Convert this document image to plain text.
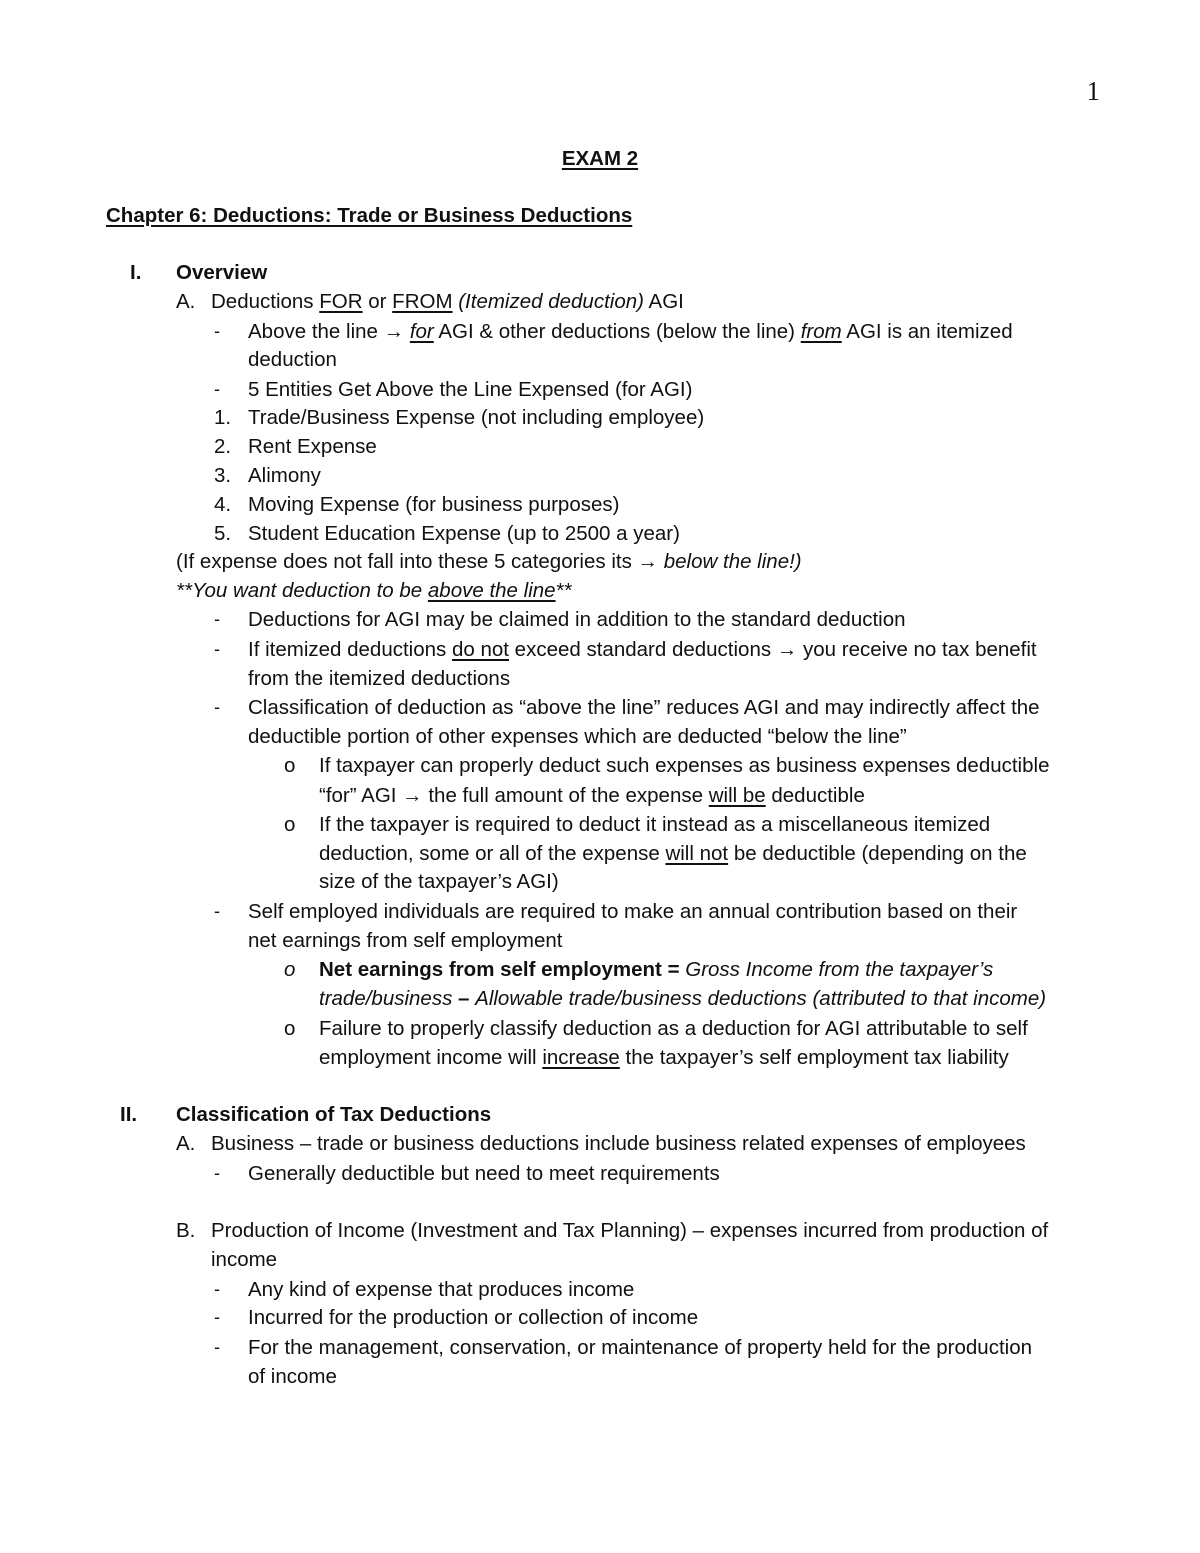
1
EXAM 2
Chapter 6: Deductions: Trade or Business Deductions
I. Overview
A. Deductions FOR or FROM (Itemized deduction) AGI
- Above the line → for AGI & other deductions (below the line) from AGI is an itemized
deduction
- 5 Entities Get Above the Line Expensed (for AGI)
1. Trade/Business Expense (not including employee)
2. Rent Expense
3. Alimony
4. Moving Expense (for business purposes)
5. Student Education Expense (up to 2500 a year)
(If expense does not fall into these 5 categories its → below the line!)
**You want deduction to be above the line**
- Deductions for AGI may be claimed in addition to the standard deduction
- If itemized deductions do not exceed standard deductions → you receive no tax benefit
from the itemized deductions
- Classification of deduction as “above the line” reduces AGI and may indirectly affect the
deductible portion of other expenses which are deducted “below the line”
o If taxpayer can properly deduct such expenses as business expenses deductible
“for” AGI → the full amount of the expense will be deductible
o If the taxpayer is required to deduct it instead as a miscellaneous itemized
deduction, some or all of the expense will not be deductible (depending on the
size of the taxpayer’s AGI)
- Self employed individuals are required to make an annual contribution based on their
net earnings from self employment
o Net earnings from self employment = Gross Income from the taxpayer’s
trade/business – Allowable trade/business deductions (attributed to that income)
o Failure to properly classify deduction as a deduction for AGI attributable to self
employment income will increase the taxpayer’s self employment tax liability
II. Classification of Tax Deductions
A. Business – trade or business deductions include business related expenses of employees
- Generally deductible but need to meet requirements
B. Production of Income (Investment and Tax Planning) – expenses incurred from production of
income
- Any kind of expense that produces income
- Incurred for the production or collection of income
- For the management, conservation, or maintenance of property held for the production
of income
